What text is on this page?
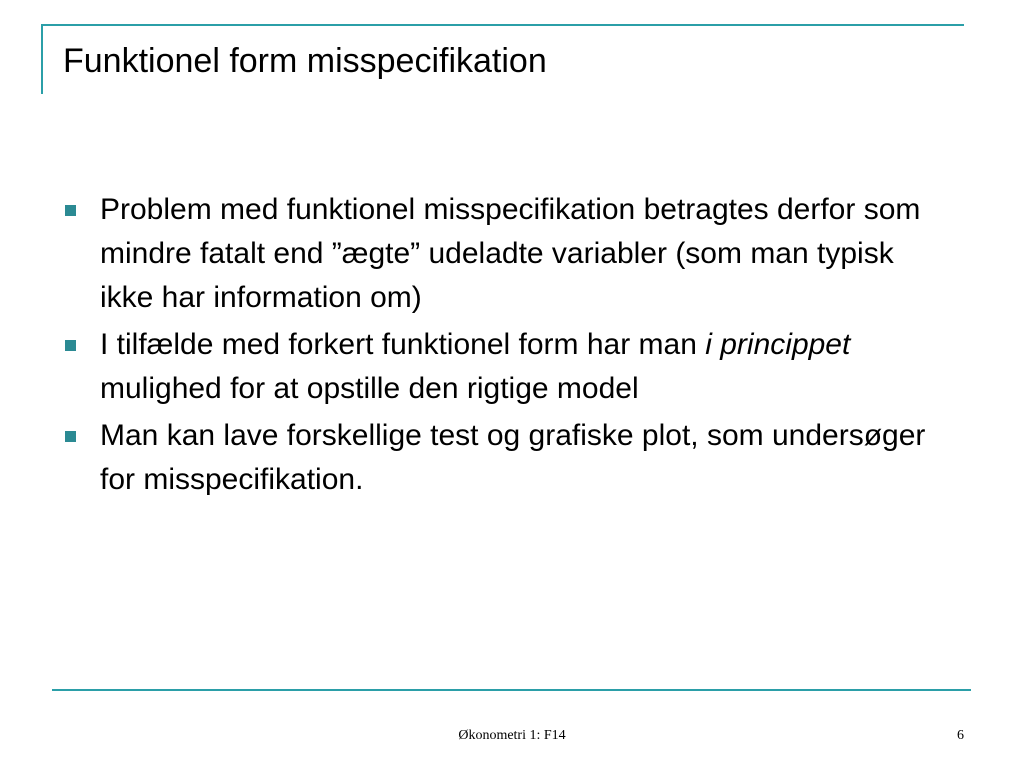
Funktionel form misspecifikation
Problem med funktionel misspecifikation betragtes derfor som mindre fatalt end ”ægte” udeladte variabler (som man typisk ikke har information om)
I tilfælde med forkert funktionel form har man i princippet mulighed for at opstille den rigtige model
Man kan lave forskellige test og grafiske plot, som undersøger for misspecifikation.
Økonometri 1: F14	6
